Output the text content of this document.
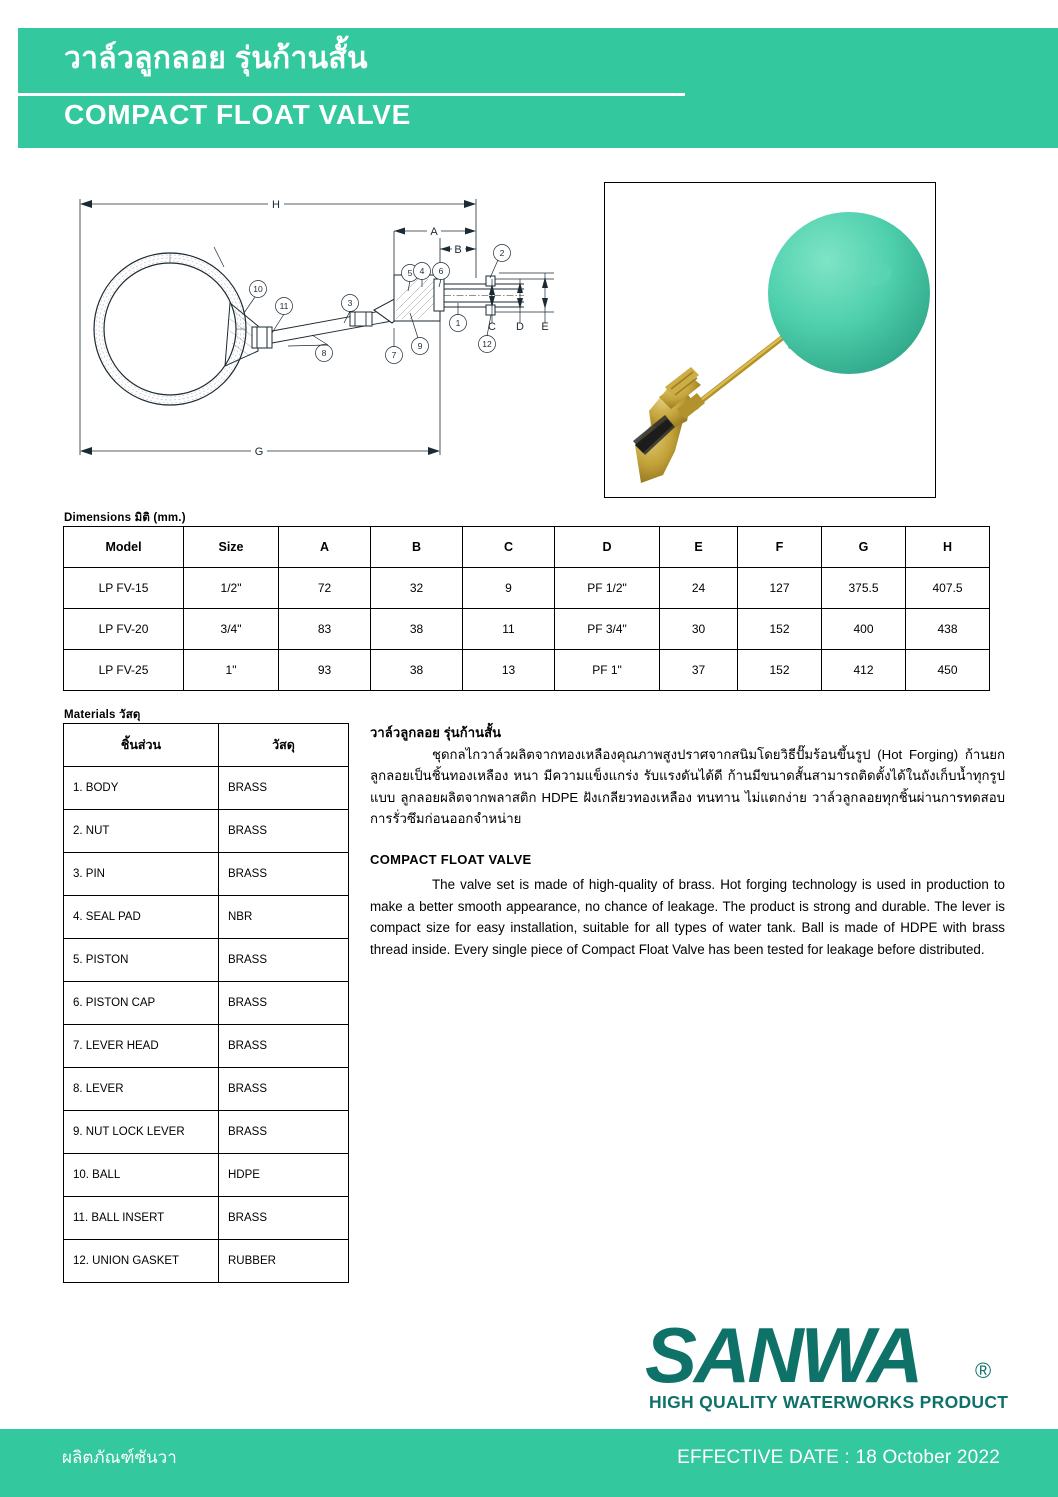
วาล์วลูกลอย รุ่นก้านสั้น
COMPACT FLOAT VALVE
H
G
A
B
C D E
10
11	3
8	7
9
5 4 6
2
1
12
Dimensions มิติ (mm.)
Model	Size	A	B	C	D	E	F	G	H
LP FV-15	1/2"	72	32	9	PF 1/2"	24	127	375.5	407.5
LP FV-20	3/4"	83	38	11	PF 3/4"	30	152	400	438
LP FV-25	1"	93	38	13	PF 1"	37	152	412	450
Materials วัสดุ
ชิ้นส่วน	วัสดุ
1. BODY	BRASS
2. NUT	BRASS
3. PIN	BRASS
4. SEAL PAD	NBR
5. PISTON	BRASS
6. PISTON CAP	BRASS
7. LEVER HEAD	BRASS
8. LEVER	BRASS
9. NUT LOCK LEVER	BRASS
10. BALL	HDPE
11. BALL INSERT	BRASS
12. UNION GASKET	RUBBER
วาล์วลูกลอย รุ่นก้านสั้น
ชุดกลไกวาล์วผลิตจากทองเหลืองคุณภาพสูงปราศจากสนิมโดยวิธีปั๊มร้อนขึ้นรูป (Hot Forging) ก้านยกลูกลอยเป็นชิ้นทองเหลือง หนา มีความแข็งแกร่ง รับแรงดันได้ดี ก้านมีขนาดสั้นสามารถติดตั้งได้ในถังเก็บน้ำทุกรูปแบบ ลูกลอยผลิตจากพลาสติก HDPE ฝังเกลียวทองเหลือง ทนทาน ไม่แตกง่าย วาล์วลูกลอยทุกชิ้นผ่านการทดสอบการรั่วซึมก่อนออกจำหน่าย
COMPACT FLOAT VALVE
The valve set is made of high-quality of brass. Hot forging technology is used in production to make a better smooth appearance, no chance of leakage. The product is strong and durable. The lever is compact size for easy installation, suitable for all types of water tank. Ball is made of HDPE with brass thread inside. Every single piece of Compact Float Valve has been tested for leakage before distributed.
SANWA ®
HIGH QUALITY WATERWORKS PRODUCT
ผลิตภัณฑ์ซันวา	EFFECTIVE DATE : 18 October 2022
